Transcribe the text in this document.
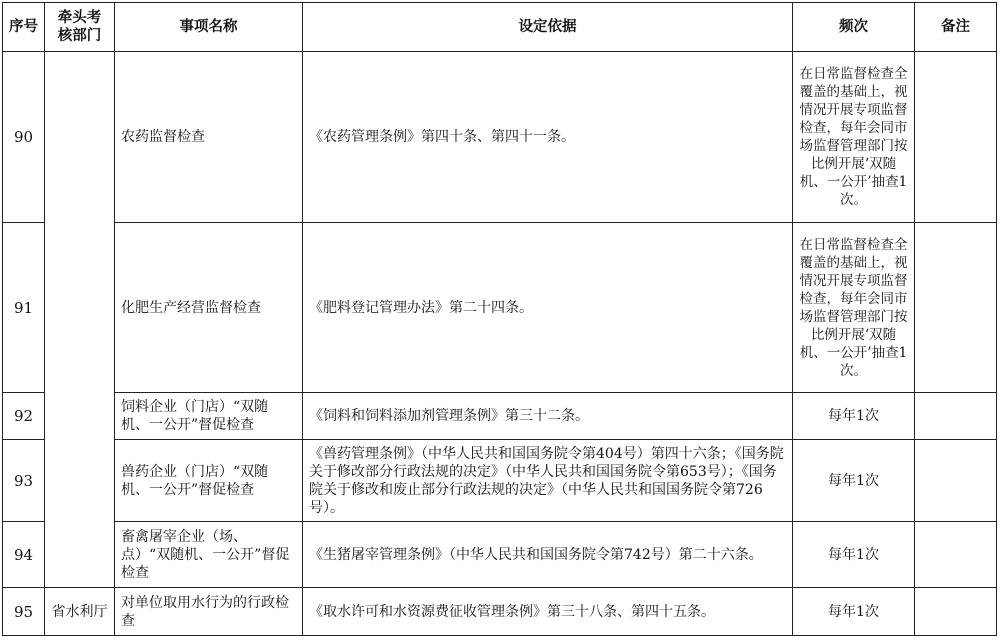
序号	牵头考核部门	事项名称	设定依据	频次	备注
90		农药监督检查	《农药管理条例》第四十条、第四十一条。	在日常监督检查全覆盖的基础上，视情况开展专项监督检查，每年会同市场监督管理部门按比例开展‘双随机、一公开’抽查1次。	
91		化肥生产经营监督检查	《肥料登记管理办法》第二十四条。	在日常监督检查全覆盖的基础上，视情况开展专项监督检查，每年会同市场监督管理部门按比例开展‘双随机、一公开’抽查1次。	
92		饲料企业（门店）“双随机、一公开”督促检查	《饲料和饲料添加剂管理条例》第三十二条。	每年1次	
93		兽药企业（门店）“双随机、一公开”督促检查	《兽药管理条例》（中华人民共和国国务院令第404号）第四十六条；《国务院关于修改部分行政法规的决定》（中华人民共和国国务院令第653号）；《国务院关于修改和废止部分行政法规的决定》（中华人民共和国国务院令第726号）。	每年1次	
94		畜禽屠宰企业（场、点）“双随机、一公开”督促检查	《生猪屠宰管理条例》（中华人民共和国国务院令第742号）第二十六条。	每年1次	
95	省水利厅	对单位取用水行为的行政检查	《取水许可和水资源费征收管理条例》第三十八条、第四十五条。	每年1次	
